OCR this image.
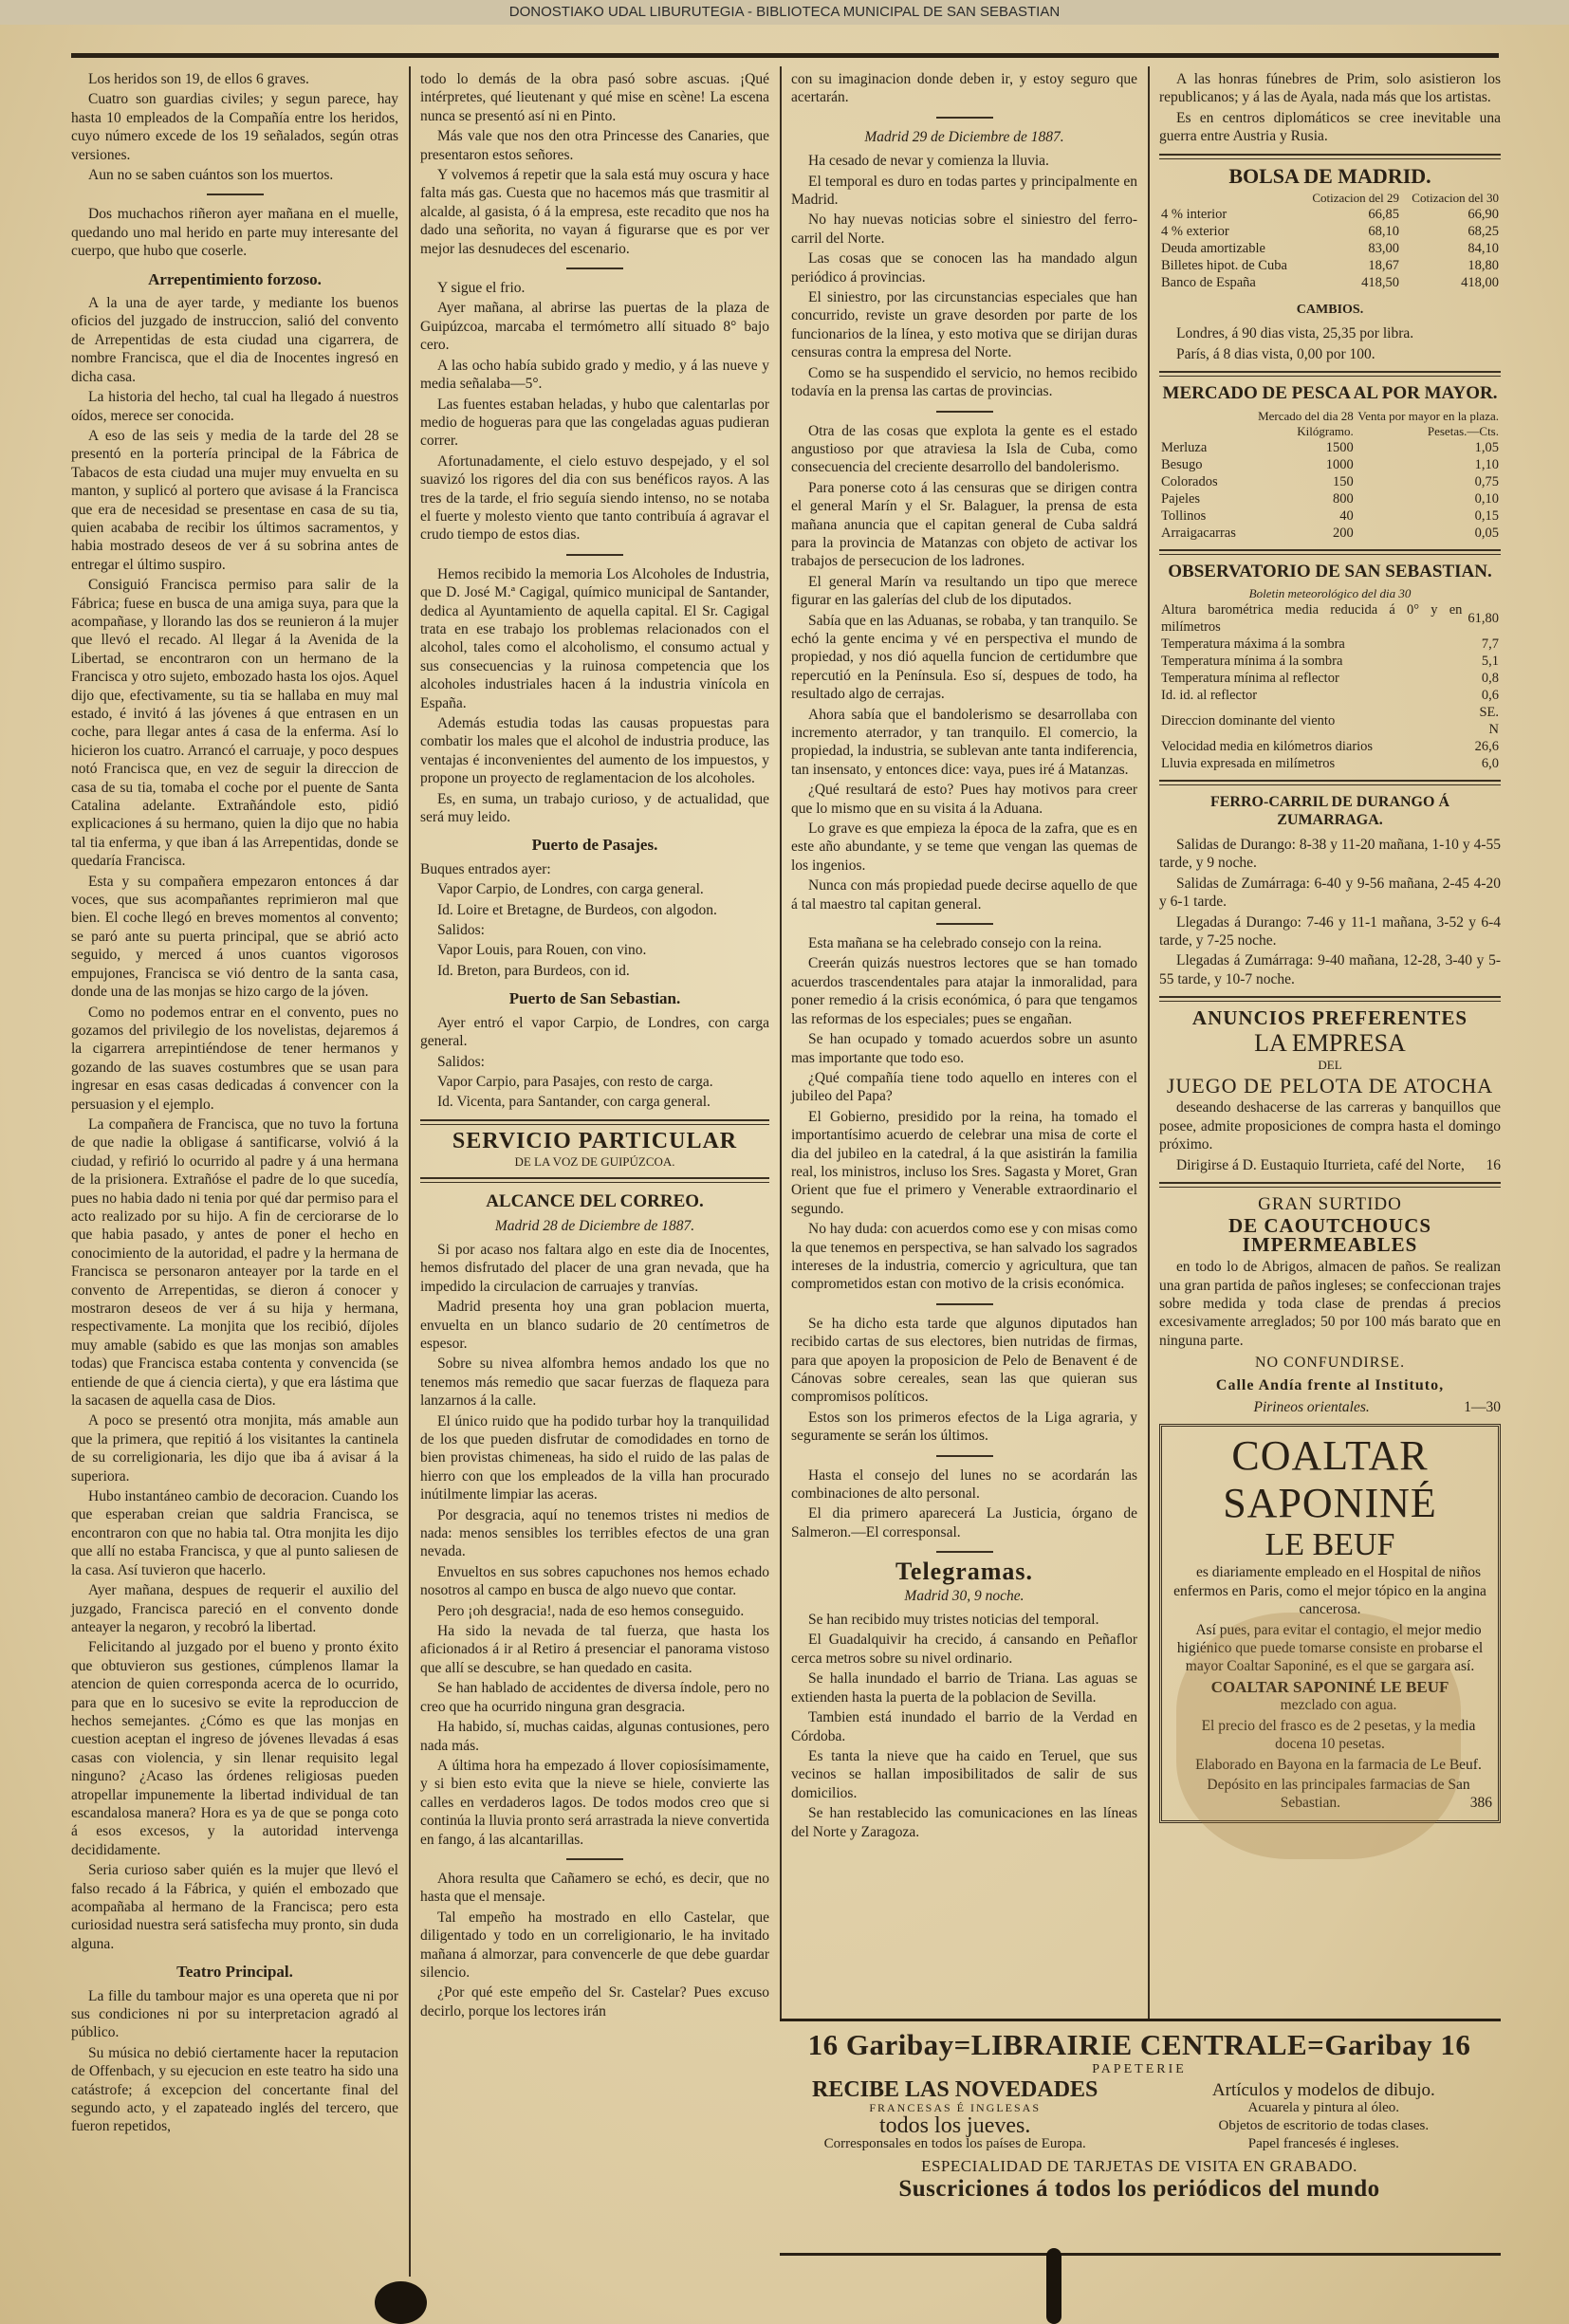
DONOSTIAKO UDAL LIBURUTEGIA - BIBLIOTECA MUNICIPAL DE SAN SEBASTIAN

Los heridos son 19, de ellos 6 graves.

Cuatro son guardias civiles; y segun parece, hay hasta 10 empleados de la Compañía entre los heridos, cuyo número excede de los 19 señalados, según otras versiones.

Aun no se saben cuántos son los muertos.

Dos muchachos riñeron ayer mañana en el muelle, quedando uno mal herido en parte muy interesante del cuerpo, que hubo que coserle.

Arrepentimiento forzoso.

A la una de ayer tarde, y mediante los buenos oficios del juzgado de instruccion, salió del convento de Arrepentidas de esta ciudad una cigarrera, de nombre Francisca, que el dia de Inocentes ingresó en dicha casa.

La historia del hecho, tal cual ha llegado á nuestros oídos, merece ser conocida.

A eso de las seis y media de la tarde del 28 se presentó en la portería principal de la Fábrica de Tabacos de esta ciudad una mujer muy envuelta en su manton, y suplicó al portero que avisase á la Francisca que era de necesidad se presentase en casa de su tia, quien acababa de recibir los últimos sacramentos, y habia mostrado deseos de ver á su sobrina antes de entregar el último suspiro.

Consiguió Francisca permiso para salir de la Fábrica; fuese en busca de una amiga suya, para que la acompañase, y llorando las dos se reunieron á la mujer que llevó el recado. Al llegar á la Avenida de la Libertad, se encontraron con un hermano de la Francisca y otro sujeto, embozado hasta los ojos. Aquel dijo que, efectivamente, su tia se hallaba en muy mal estado, é invitó á las jóvenes á que entrasen en un coche, para llegar antes á casa de la enferma. Así lo hicieron los cuatro. Arrancó el carruaje, y poco despues notó Francisca que, en vez de seguir la direccion de casa de su tia, tomaba el coche por el puente de Santa Catalina adelante. Extrañándole esto, pidió explicaciones á su hermano, quien la dijo que no habia tal tia enferma, y que iban á las Arrepentidas, donde se quedaría Francisca.

Esta y su compañera empezaron entonces á dar voces, que sus acompañantes reprimieron mal que bien. El coche llegó en breves momentos al convento; se paró ante su puerta principal, que se abrió acto seguido, y merced á unos cuantos vigorosos empujones, Francisca se vió dentro de la santa casa, donde una de las monjas se hizo cargo de la jóven.

Como no podemos entrar en el convento, pues no gozamos del privilegio de los novelistas, dejaremos á la cigarrera arrepintiéndose de tener hermanos y gozando de las suaves costumbres que se usan para ingresar en esas casas dedicadas á convencer con la persuasion y el ejemplo.

La compañera de Francisca, que no tuvo la fortuna de que nadie la obligase á santificarse, volvió á la ciudad, y refirió lo ocurrido al padre y á una hermana de la prisionera. Extrañóse el padre de lo que sucedía, pues no habia dado ni tenia por qué dar permiso para el acto realizado por su hijo. A fin de cerciorarse de lo que habia pasado, y antes de poner el hecho en conocimiento de la autoridad, el padre y la hermana de Francisca se personaron anteayer por la tarde en el convento de Arrepentidas, se dieron á conocer y mostraron deseos de ver á su hija y hermana, respectivamente. La monjita que los recibió, díjoles muy amable (sabido es que las monjas son amables todas) que Francisca estaba contenta y convencida (se entiende de que á ciencia cierta), y que era lástima que la sacasen de aquella casa de Dios.

A poco se presentó otra monjita, más amable aun que la primera, que repitió á los visitantes la cantinela de su correligionaria, les dijo que iba á avisar á la superiora.

Hubo instantáneo cambio de decoracion. Cuando los que esperaban creian que saldria Francisca, se encontraron con que no habia tal. Otra monjita les dijo que allí no estaba Francisca, y que al punto saliesen de la casa. Así tuvieron que hacerlo.

Ayer mañana, despues de requerir el auxilio del juzgado, Francisca pareció en el convento donde anteayer la negaron, y recobró la libertad.

Felicitando al juzgado por el bueno y pronto éxito que obtuvieron sus gestiones, cúmplenos llamar la atencion de quien corresponda acerca de lo ocurrido, para que en lo sucesivo se evite la reproduccion de hechos semejantes. ¿Cómo es que las monjas en cuestion aceptan el ingreso de jóvenes llevadas á esas casas con violencia, y sin llenar requisito legal ninguno? ¿Acaso las órdenes religiosas pueden atropellar impunemente la libertad individual de tan escandalosa manera? Hora es ya de que se ponga coto á esos excesos, y la autoridad intervenga decididamente.

Seria curioso saber quién es la mujer que llevó el falso recado á la Fábrica, y quién el embozado que acompañaba al hermano de la Francisca; pero esta curiosidad nuestra será satisfecha muy pronto, sin duda alguna.

Teatro Principal.

La fille du tambour major es una opereta que ni por sus condiciones ni por su interpretacion agradó al público.

Su música no debió ciertamente hacer la reputacion de Offenbach, y su ejecucion en este teatro ha sido una catástrofe; á excepcion del concertante final del segundo acto, y el zapateado inglés del tercero, que fueron repetidos,

todo lo demás de la obra pasó sobre ascuas. ¡Qué intérpretes, qué lieutenant y qué mise en scène! La escena nunca se presentó así ni en Pinto.

Más vale que nos den otra Princesse des Canaries, que presentaron estos señores.

Y volvemos á repetir que la sala está muy oscura y hace falta más gas. Cuesta que no hacemos más que trasmitir al alcalde, al gasista, ó á la empresa, este recadito que nos ha dado una señorita, no vayan á figurarse que es por ver mejor las desnudeces del escenario.

Y sigue el frio.

Ayer mañana, al abrirse las puertas de la plaza de Guipúzcoa, marcaba el termómetro allí situado 8° bajo cero.

A las ocho había subido grado y medio, y á las nueve y media señalaba—5°.

Las fuentes estaban heladas, y hubo que calentarlas por medio de hogueras para que las congeladas aguas pudieran correr.

Afortunadamente, el cielo estuvo despejado, y el sol suavizó los rigores del dia con sus benéficos rayos. A las tres de la tarde, el frio seguía siendo intenso, no se notaba el fuerte y molesto viento que tanto contribuía á agravar el crudo tiempo de estos dias.

Hemos recibido la memoria Los Alcoholes de Industria, que D. José M.ª Cagigal, químico municipal de Santander, dedica al Ayuntamiento de aquella capital. El Sr. Cagigal trata en ese trabajo los problemas relacionados con el alcohol, tales como el alcoholismo, el consumo actual y sus consecuencias y la ruinosa competencia que los alcoholes industriales hacen á la industria vinícola en España.

Además estudia todas las causas propuestas para combatir los males que el alcohol de industria produce, las ventajas é inconvenientes del aumento de los impuestos, y propone un proyecto de reglamentacion de los alcoholes.

Es, en suma, un trabajo curioso, y de actualidad, que será muy leido.

Puerto de Pasajes.

Buques entrados ayer:

Vapor Carpio, de Londres, con carga general.

Id. Loire et Bretagne, de Burdeos, con algodon.

Salidos:

Vapor Louis, para Rouen, con vino.

Id. Breton, para Burdeos, con id.

Puerto de San Sebastian.

Ayer entró el vapor Carpio, de Londres, con carga general.

Salidos:

Vapor Carpio, para Pasajes, con resto de carga.

Id. Vicenta, para Santander, con carga general.

SERVICIO PARTICULAR
DE LA VOZ DE GUIPÚZCOA.
ALCANCE DEL CORREO.
Madrid 28 de Diciembre de 1887.

Si por acaso nos faltara algo en este dia de Inocentes, hemos disfrutado del placer de una gran nevada, que ha impedido la circulacion de carruajes y tranvías.

Madrid presenta hoy una gran poblacion muerta, envuelta en un blanco sudario de 20 centímetros de espesor.

Sobre su nivea alfombra hemos andado los que no tenemos más remedio que sacar fuerzas de flaqueza para lanzarnos á la calle.

El único ruido que ha podido turbar hoy la tranquilidad de los que pueden disfrutar de comodidades en torno de bien provistas chimeneas, ha sido el ruido de las palas de hierro con que los empleados de la villa han procurado inútilmente limpiar las aceras.

Por desgracia, aquí no tenemos tristes ni medios de nada: menos sensibles los terribles efectos de una gran nevada.

Envueltos en sus sobres capuchones nos hemos echado nosotros al campo en busca de algo nuevo que contar.

Pero ¡oh desgracia!, nada de eso hemos conseguido.

Ha sido la nevada de tal fuerza, que hasta los aficionados á ir al Retiro á presenciar el panorama vistoso que allí se descubre, se han quedado en casita.

Se han hablado de accidentes de diversa índole, pero no creo que ha ocurrido ninguna gran desgracia.

Ha habido, sí, muchas caidas, algunas contusiones, pero nada más.

A última hora ha empezado á llover copiosísimamente, y si bien esto evita que la nieve se hiele, convierte las calles en verdaderos lagos. De todos modos creo que si continúa la lluvia pronto será arrastrada la nieve convertida en fango, á las alcantarillas.

Ahora resulta que Cañamero se echó, es decir, que no hasta que el mensaje.

Tal empeño ha mostrado en ello Castelar, que diligentado y todo en un correligionario, le ha invitado mañana á almorzar, para convencerle de que debe guardar silencio.

¿Por qué este empeño del Sr. Castelar? Pues excuso decirlo, porque los lectores irán

con su imaginacion donde deben ir, y estoy seguro que acertarán.

Madrid 29 de Diciembre de 1887.

Ha cesado de nevar y comienza la lluvia.

El temporal es duro en todas partes y principalmente en Madrid.

No hay nuevas noticias sobre el siniestro del ferro-carril del Norte.

Las cosas que se conocen las ha mandado algun periódico á provincias.

El siniestro, por las circunstancias especiales que han concurrido, reviste un grave desorden por parte de los funcionarios de la línea, y esto motiva que se dirijan duras censuras contra la empresa del Norte.

Como se ha suspendido el servicio, no hemos recibido todavía en la prensa las cartas de provincias.

Otra de las cosas que explota la gente es el estado angustioso por que atraviesa la Isla de Cuba, como consecuencia del creciente desarrollo del bandolerismo.

Para ponerse coto á las censuras que se dirigen contra el general Marín y el Sr. Balaguer, la prensa de esta mañana anuncia que el capitan general de Cuba saldrá para la provincia de Matanzas con objeto de activar los trabajos de persecucion de los ladrones.

El general Marín va resultando un tipo que merece figurar en las galerías del club de los diputados.

Sabía que en las Aduanas, se robaba, y tan tranquilo. Se echó la gente encima y vé en perspectiva el mundo de propiedad, y nos dió aquella funcion de certidumbre que repercutió en la Península. Eso sí, despues de todo, ha resultado algo de cerrajas.

Ahora sabía que el bandolerismo se desarrollaba con incremento aterrador, y tan tranquilo. El comercio, la propiedad, la industria, se sublevan ante tanta indiferencia, tan insensato, y entonces dice: vaya, pues iré á Matanzas.

¿Qué resultará de esto? Pues hay motivos para creer que lo mismo que en su visita á la Aduana.

Lo grave es que empieza la época de la zafra, que es en este año abundante, y se teme que vengan las quemas de los ingenios.

Nunca con más propiedad puede decirse aquello de que á tal maestro tal capitan general.

Esta mañana se ha celebrado consejo con la reina.

Creerán quizás nuestros lectores que se han tomado acuerdos trascendentales para atajar la inmoralidad, para poner remedio á la crisis económica, ó para que tengamos las reformas de los especiales; pues se engañan.

Se han ocupado y tomado acuerdos sobre un asunto mas importante que todo eso.

¿Qué compañía tiene todo aquello en interes con el jubileo del Papa?

El Gobierno, presidido por la reina, ha tomado el importantísimo acuerdo de celebrar una misa de corte el dia del jubileo en la catedral, á la que asistirán la familia real, los ministros, incluso los Sres. Sagasta y Moret, Gran Orient que fue el primero y Venerable extraordinario el segundo.

No hay duda: con acuerdos como ese y con misas como la que tenemos en perspectiva, se han salvado los sagrados intereses de la industria, comercio y agricultura, que tan comprometidos estan con motivo de la crisis económica.

Se ha dicho esta tarde que algunos diputados han recibido cartas de sus electores, bien nutridas de firmas, para que apoyen la proposicion de Pelo de Benavent é de Cánovas sobre cereales, sean las que quieran sus compromisos políticos.

Estos son los primeros efectos de la Liga agraria, y seguramente se serán los últimos.

Hasta el consejo del lunes no se acordarán las combinaciones de alto personal.

El dia primero aparecerá La Justicia, órgano de Salmeron.—El corresponsal.

Telegramas.
Madrid 30, 9 noche.

Se han recibido muy tristes noticias del temporal.

El Guadalquivir ha crecido, á cansando en Peñaflor cerca metros sobre su nivel ordinario.

Se halla inundado el barrio de Triana. Las aguas se extienden hasta la puerta de la poblacion de Sevilla.

Tambien está inundado el barrio de la Verdad en Córdoba.

Es tanta la nieve que ha caido en Teruel, que sus vecinos se hallan imposibilitados de salir de sus domicilios.

Se han restablecido las comunicaciones en las líneas del Norte y Zaragoza.

A las honras fúnebres de Prim, solo asistieron los republicanos; y á las de Ayala, nada más que los artistas.

Es en centros diplomáticos se cree inevitable una guerra entre Austria y Rusia.

BOLSA DE MADRID.
	Cotizacion del 29	Cotizacion del 30
4 % interior	66,85	66,90
4 % exterior	68,10	68,25
Deuda amortizable	83,00	84,10
Billetes hipot. de Cuba	18,67	18,80
Banco de España	418,50	418,00
CAMBIOS.

Londres, á 90 dias vista, 25,35 por libra.

París, á 8 dias vista, 0,00 por 100.

MERCADO DE PESCA AL POR MAYOR.
	Mercado del dia 28 Kilógramo.	Venta por mayor en la plaza. Pesetas.—Cts.
Merluza	1500	1,05
Besugo	1000	1,10
Colorados	150	0,75
Pajeles	800	0,10
Tollinos	40	0,15
Arraigacarras	200	0,05
OBSERVATORIO DE SAN SEBASTIAN.
Boletin meteorológico del dia 30
Altura barométrica media reducida á 0° y en milímetros	61,80
Temperatura máxima á la sombra	7,7
Temperatura mínima á la sombra	5,1
Temperatura mínima al reflector	0,8
Id. id. al reflector	0,6
Direccion dominante del viento	SE. N
Velocidad media en kilómetros diarios	26,6
Lluvia expresada en milímetros	6,0
FERRO-CARRIL DE DURANGO Á ZUMARRAGA.

Salidas de Durango: 8-38 y 11-20 mañana, 1-10 y 4-55 tarde, y 9 noche.

Salidas de Zumárraga: 6-40 y 9-56 mañana, 2-45 4-20 y 6-1 tarde.

Llegadas á Durango: 7-46 y 11-1 mañana, 3-52 y 6-4 tarde, y 7-25 noche.

Llegadas á Zumárraga: 9-40 mañana, 12-28, 3-40 y 5-55 tarde, y 10-7 noche.

ANUNCIOS PREFERENTES
LA EMPRESA
DEL
JUEGO DE PELOTA DE ATOCHA

deseando deshacerse de las carreras y banquillos que posee, admite proposiciones de compra hasta el domingo próximo.

Dirigirse á D. Eustaquio Iturrieta, café del Norte,	16

GRAN SURTIDO
DE CAOUTCHOUCS IMPERMEABLES

en todo lo de Abrigos, almacen de paños. Se realizan una gran partida de paños ingleses; se confeccionan trajes sobre medida y toda clase de prendas á precios excesivamente arreglados; 50 por 100 más barato que en ninguna parte.

NO CONFUNDIRSE.
Calle Andía frente al Instituto,

Pirineos orientales.	1—30

COALTAR SAPONINÉ
LE BEUF

es diariamente empleado en el Hospital de niños enfermos en Paris, como el mejor tópico en la angina cancerosa.

Así pues, para evitar el contagio, el mejor medio higiénico que puede tomarse consiste en probarse el mayor Coaltar Saponiné, es el que se gargara así.

COALTAR SAPONINÉ LE BEUF

mezclado con agua.

El precio del frasco es de 2 pesetas, y la media docena 10 pesetas.

Elaborado en Bayona en la farmacia de Le Beuf.

Depósito en las principales farmacias de San Sebastian.	386

16 Garibay=LIBRAIRIE CENTRALE=Garibay 16
PAPETERIE
RECIBE LAS NOVEDADES
FRANCESAS É INGLESAS
todos los jueves.
Corresponsales en todos los países de Europa.
Artículos y modelos de dibujo.
Acuarela y pintura al óleo.
Objetos de escritorio de todas clases.
Papel francesés é ingleses.
ESPECIALIDAD DE TARJETAS DE VISITA EN GRABADO.
Suscriciones á todos los periódicos del mundo
